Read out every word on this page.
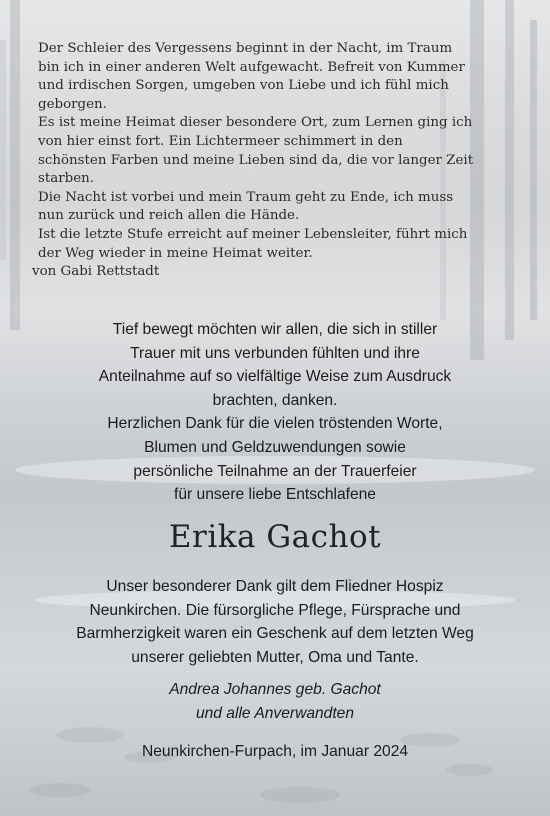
Der Schleier des Vergessens beginnt in der Nacht, im Traum

bin ich in einer anderen Welt aufgewacht. Befreit von Kummer

und irdischen Sorgen, umgeben von Liebe und ich fühl mich

geborgen.

Es ist meine Heimat dieser besondere Ort, zum Lernen ging ich

von hier einst fort. Ein Lichtermeer schimmert in den

schönsten Farben und meine Lieben sind da, die vor langer Zeit

starben.

Die Nacht ist vorbei und mein Traum geht zu Ende, ich muss

nun zurück und reich allen die Hände.

Ist die letzte Stufe erreicht auf meiner Lebensleiter, führt mich

der Weg wieder in meine Heimat weiter.

von Gabi Rettstadt

Tief bewegt möchten wir allen, die sich in stiller

Trauer mit uns verbunden fühlten und ihre

Anteilnahme auf so vielfältige Weise zum Ausdruck

brachten, danken.

Herzlichen Dank für die vielen tröstenden Worte,

Blumen und Geldzuwendungen sowie

persönliche Teilnahme an der Trauerfeier

für unsere liebe Entschlafene

Erika Gachot

Unser besonderer Dank gilt dem Fliedner Hospiz

Neunkirchen. Die fürsorgliche Pflege, Fürsprache und

Barmherzigkeit waren ein Geschenk auf dem letzten Weg

unserer geliebten Mutter, Oma und Tante.

Andrea Johannes geb. Gachot

und alle Anverwandten

Neunkirchen-Furpach, im Januar 2024
